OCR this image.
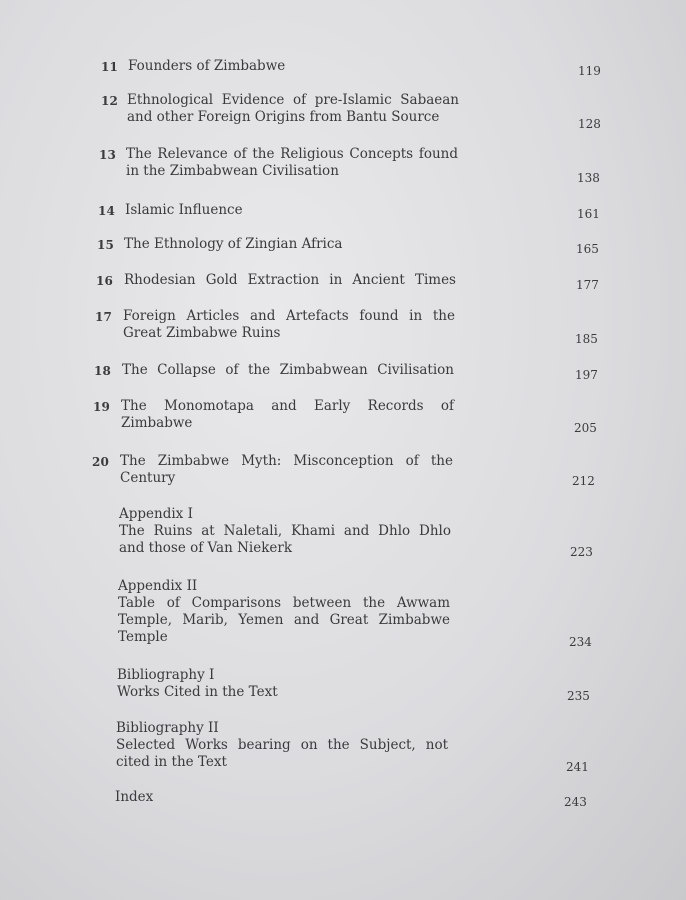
11 Founders of Zimbabwe	119
12 Ethnological Evidence of pre-Islamic Sabaean
and other Foreign Origins from Bantu Source	128
13 The Relevance of the Religious Concepts found
in the Zimbabwean Civilisation	138
14 Islamic Influence	161
15 The Ethnology of Zingian Africa	165
16 Rhodesian Gold Extraction in Ancient Times	177
17 Foreign Articles and Artefacts found in the
Great Zimbabwe Ruins	185
18 The Collapse of the Zimbabwean Civilisation	197
19 The Monomotapa and Early Records of
Zimbabwe	205
20 The Zimbabwe Myth: Misconception of the
Century	212
Appendix I
The Ruins at Naletali, Khami and Dhlo Dhlo
and those of Van Niekerk	223
Appendix II
Table of Comparisons between the Awwam
Temple, Marib, Yemen and Great Zimbabwe
Temple	234
Bibliography I
Works Cited in the Text	235
Bibliography II
Selected Works bearing on the Subject, not
cited in the Text	241
Index	243
